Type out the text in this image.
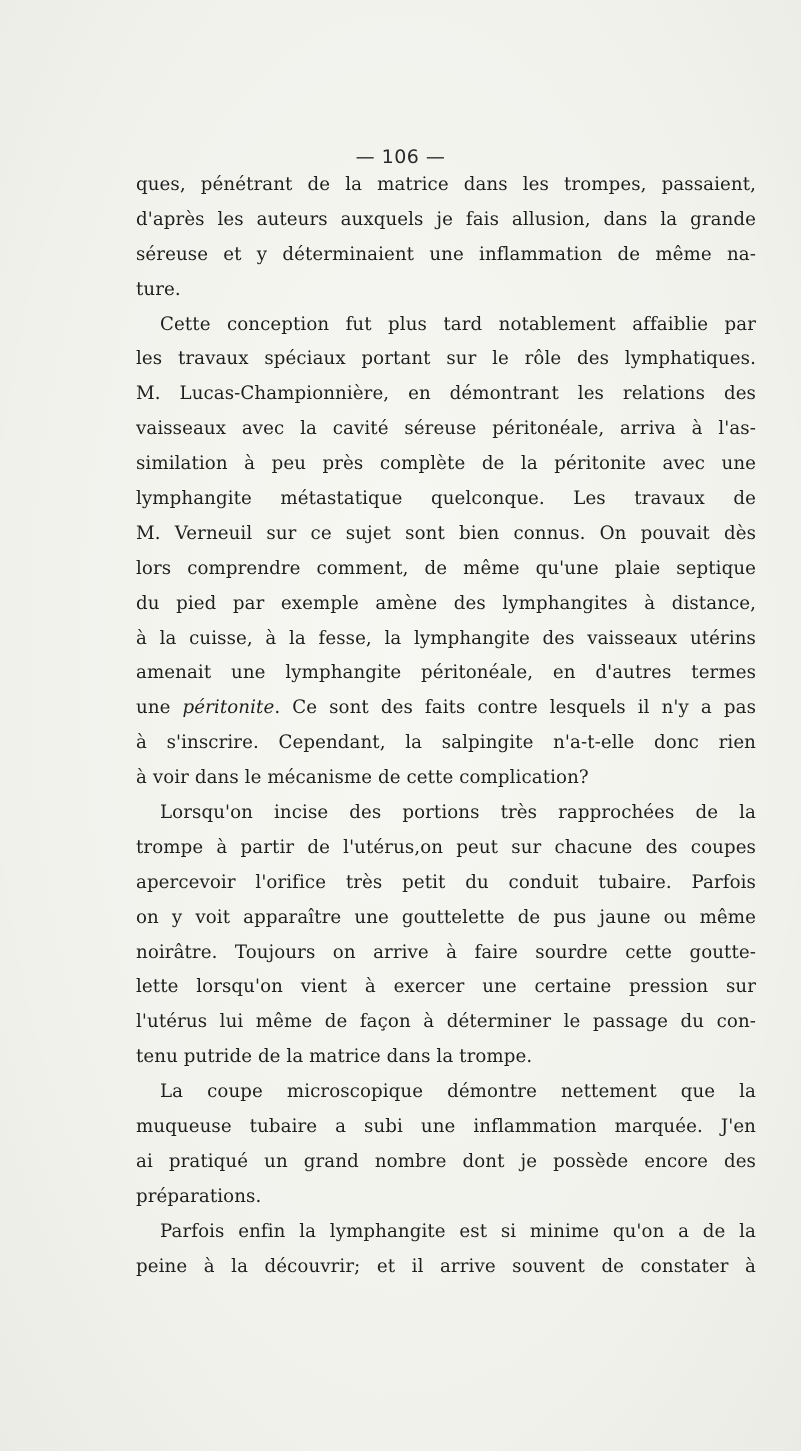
— 106 —
ques, pénétrant de la matrice dans les trompes, passaient,
d'après les auteurs auxquels je fais allusion, dans la grande
séreuse et y déterminaient une inflammation de même na-
ture.
Cette conception fut plus tard notablement affaiblie par
les travaux spéciaux portant sur le rôle des lymphatiques.
M. Lucas-Championnière, en démontrant les relations des
vaisseaux avec la cavité séreuse péritonéale, arriva à l'as-
similation à peu près complète de la péritonite avec une
lymphangite métastatique quelconque. Les travaux de
M. Verneuil sur ce sujet sont bien connus. On pouvait dès
lors comprendre comment, de même qu'une plaie septique
du pied par exemple amène des lymphangites à distance,
à la cuisse, à la fesse, la lymphangite des vaisseaux utérins
amenait une lymphangite péritonéale, en d'autres termes
une péritonite. Ce sont des faits contre lesquels il n'y a pas
à s'inscrire. Cependant, la salpingite n'a-t-elle donc rien
à voir dans le mécanisme de cette complication?
Lorsqu'on incise des portions très rapprochées de la
trompe à partir de l'utérus,on peut sur chacune des coupes
apercevoir l'orifice très petit du conduit tubaire. Parfois
on y voit apparaître une gouttelette de pus jaune ou même
noirâtre. Toujours on arrive à faire sourdre cette goutte-
lette lorsqu'on vient à exercer une certaine pression sur
l'utérus lui même de façon à déterminer le passage du con-
tenu putride de la matrice dans la trompe.
La coupe microscopique démontre nettement que la
muqueuse tubaire a subi une inflammation marquée. J'en
ai pratiqué un grand nombre dont je possède encore des
préparations.
Parfois enfin la lymphangite est si minime qu'on a de la
peine à la découvrir; et il arrive souvent de constater à
